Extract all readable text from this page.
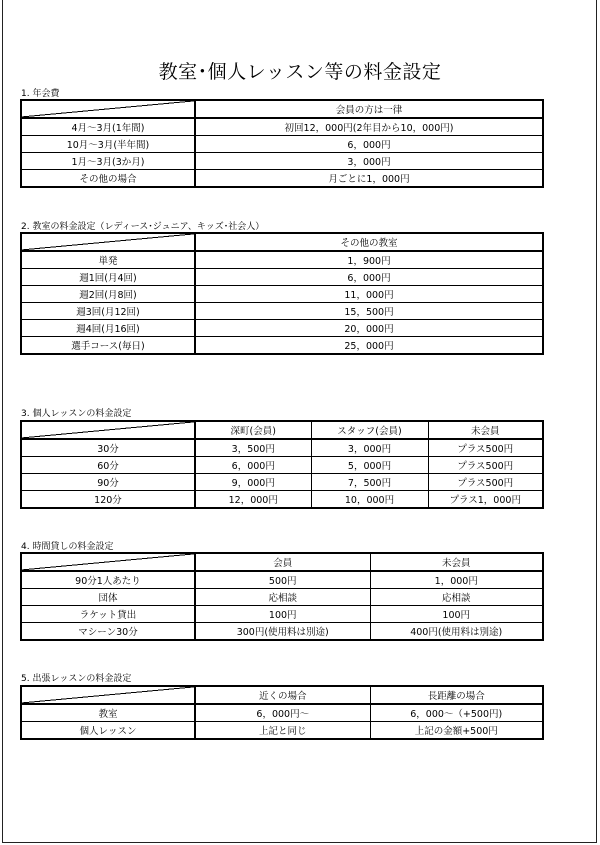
教室･個人レッスン等の料金設定
1. 年会費
	会員の方は一律
4月～3月(1年間)	初回12，000円(2年目から10，000円)
10月～3月(半年間)	6，000円
1月～3月(3か月)	3，000円
その他の場合	月ごとに1，000円
2. 教室の料金設定（レディース･ジュニア、キッズ･社会人）
	その他の教室
単発	1，900円
週1回(月4回)	6，000円
週2回(月8回)	11，000円
週3回(月12回)	15，500円
週4回(月16回)	20，000円
選手コース(毎日)	25，000円
3. 個人レッスンの料金設定
	深町(会員)	スタッフ(会員)	未会員
30分	3，500円	3，000円	プラス500円
60分	6，000円	5，000円	プラス500円
90分	9，000円	7，500円	プラス500円
120分	12，000円	10，000円	プラス1，000円
4. 時間貸しの料金設定
	会員	未会員
90分1人あたり	500円	1，000円
団体	応相談	応相談
ラケット貸出	100円	100円
マシーン30分	300円(使用料は別途)	400円(使用料は別途)
5. 出張レッスンの料金設定
	近くの場合	長距離の場合
教室	6，000円～	6，000～（+500円)
個人レッスン	上記と同じ	上記の金額+500円
